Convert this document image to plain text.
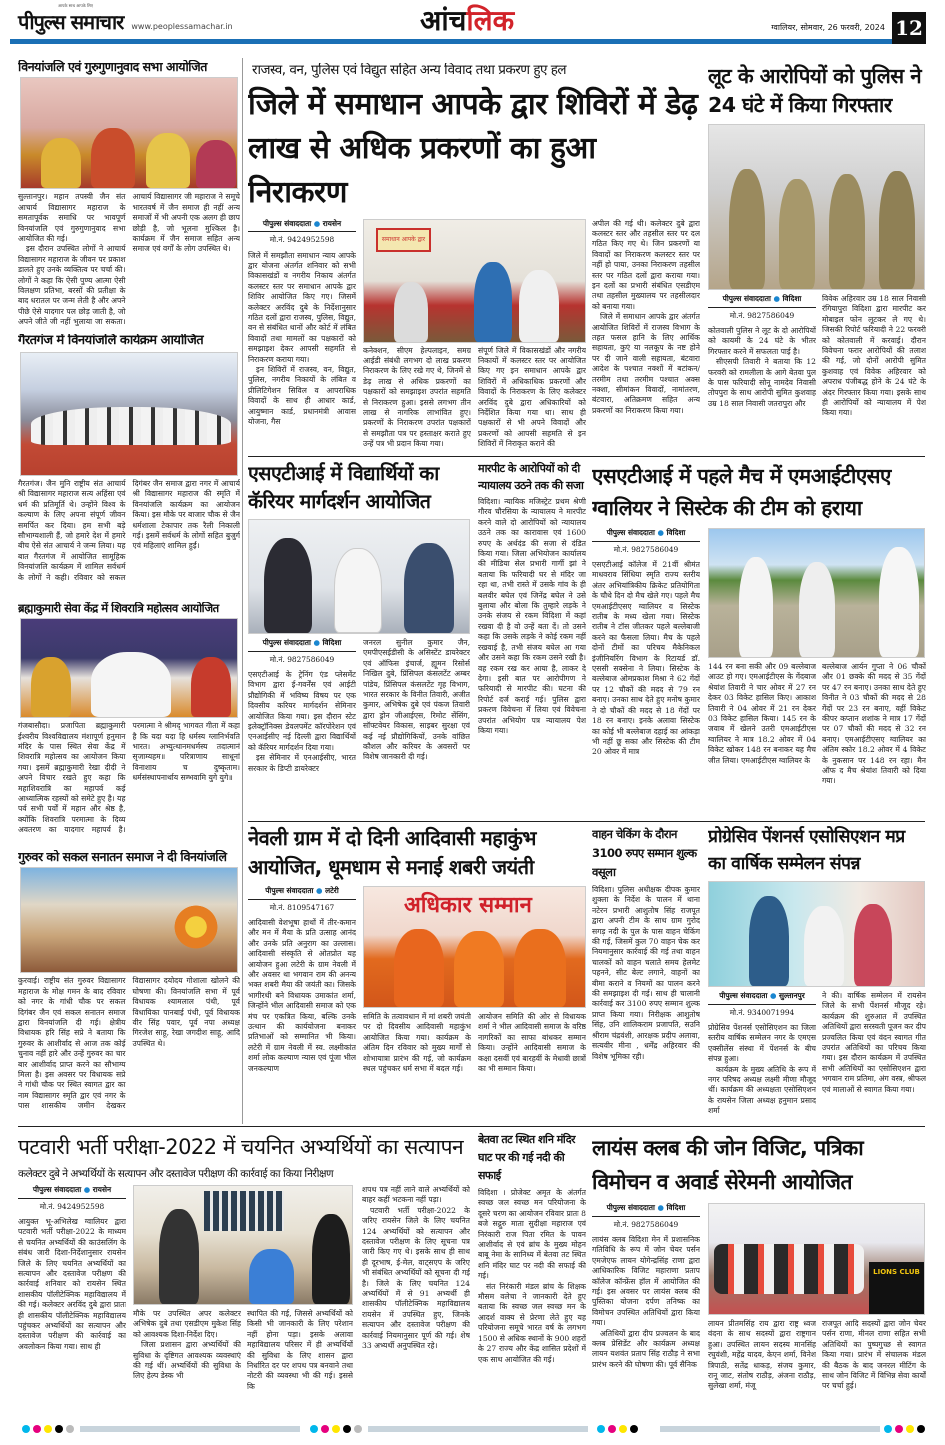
आपके साथ आपके लिए
पीपुल्स समाचार www.peoplessamachar.in	आंचलिक	ग्वालियर, सोमवार, 26 फरवरी, 2024 12
विनयांजलि एवं गुरुगुणानुवाद सभा आयोजित

सुल्तानपुर। महान तपस्वी जैन संत आचार्य विद्यासागर महाराज के समतापूर्वक समाधि पर भावपूर्ण विनयांजलि एवं गुरुगुणानुवाद सभा आयोजित की गई।

इस दौरान उपस्थित लोगों ने आचार्य विद्यासागर महाराज के जीवन पर प्रकाश डालते हुए उनके व्यक्तित्व पर चर्चा की। लोगों ने कहा कि ऐसी पुण्य आत्मा ऐसी विलक्षण प्रतिभा, बरसों की प्रतीक्षा के बाद धरातल पर जन्म लेती है और अपने पीछे ऐसे यादगार पल छोड़ जाती है, जो अपने जीते जी नहीं भुलाया जा सकता। आचार्य विद्यासागर जी महाराज ने समूचे भारतवर्ष में जैन समाज ही नहीं अन्य समाजों में भी अपनी एक अलग ही छाप छोड़ी है, जो भूलना मुश्किल है। कार्यक्रम में जैन समाज सहित अन्य समाज एवं वर्गों के लोग उपस्थित थे।

गैरतगंज में विनयांजलि कार्यक्रम आयोजित

गैरतगंज। जैन मुनि राष्ट्रीय संत आचार्य श्री विद्यासागर महाराज सत्य अहिंसा एवं धर्म की प्रतिमूर्ति थे। उन्होंने विश्व के कल्याण के लिए अपना संपूर्ण जीवन समर्पित कर दिया। हम सभी बड़े सौभाग्यशाली हैं, जो हमारे देश में हमारे बीच ऐसे संत आचार्य ने जन्म लिया। यह बात गैरतगंज में आयोजित सामूहिक विनयांजलि कार्यक्रम में शामिल सर्वधर्म के लोगों ने कही। रविवार को सकल दिगंबर जैन समाज द्वारा नगर में आचार्य श्री विद्यासागर महाराज की स्मृति में विनयांजलि कार्यक्रम का आयोजन किया। इस मौके पर बाजार चौक से जैन धर्मशाला टेकापार तक रैली निकाली गई। इसमें सर्वधर्म के लोगों सहित बुजुर्ग एवं महिलाएं शामिल हुईं।

ब्रह्माकुमारी सेवा केंद्र में शिवरात्रि महोत्सव आयोजित

गंजबासौदा। प्रजापिता ब्रह्माकुमारी ईश्वरीय विश्वविद्यालय मंशापूर्ण हनुमान मंदिर के पास स्थित सेवा केंद्र में शिवरात्रि महोत्सव का आयोजन किया गया। इसमें ब्रह्माकुमारी रेखा दीदी ने अपने विचार रखते हुए कहा कि महाशिवरात्रि का महापर्व कई आध्यात्मिक रहस्यों को समेटे हुए है। यह पर्व सभी पर्वों में महान और श्रेष्ठ है, क्योंकि शिवरात्रि परमात्मा के दिव्य अवतरण का यादगार महापर्व है। परमात्मा ने श्रीमद् भागवत गीता में कहा है कि यदा यदा हि धर्मस्य ग्लानिर्भवति भारत। अभ्युत्थानमधर्मस्य तदात्मानं सृजाम्यहम॥ परित्राणाय साधूनां विनाशाय च दुष्कृताम। धर्मसंस्थापनार्थाय सम्भवामि युगे युगे॥

गुरुवर को सकल सनातन समाज ने दी विनयांजलि

कुरवाई। राष्ट्रीय संत गुरुवर विद्यासागर महाराज के मोक्ष गमन के बाद रविवार को नगर के गांधी चौक पर सकल दिगंबर जैन एवं सकल सनातन समाज द्वारा विनयांजलि दी गई। क्षेत्रीय विधायक हरि सिंह सप्रे ने बताया कि गुरुवर के आशीर्वाद से आज तक कोई चुनाव नहीं हारे और उन्हें गुरुवर का चार बार आशीर्वाद प्राप्त करने का सौभाग्य मिला है। इस अवसर पर विधायक सप्रे ने गांधी चौक पर स्थित स्वागत द्वार का नाम विद्यासागर स्मृति द्वार एवं नगर के पास शासकीय जमीन देखकर विद्यासागर दयोदय गोशाला खोलने की घोषणा की। विनयांजलि सभा में पूर्व विधायक श्यामलाल पंथी, पूर्व विधायिका पानबाई पंथी, पूर्व विधायक वीर सिंह पवार, पूर्व नपा अध्यक्ष गिरजेश साहू, रेखा जगदीश साहू, आदि उपस्थित थे।

राजस्व, वन, पुलिस एवं विद्युत सहित अन्य विवाद तथा प्रकरण हुए हल
जिले में समाधान आपके द्वार शिविरों में डेढ़ लाख से अधिक प्रकरणों का हुआ निराकरण
पीपुल्स संवाददाता ● रायसेन
मो.नं. 9424952598

जिले में समझौता समाधान न्याय आपके द्वार योजना अंतर्गत शनिवार को सभी विकासखंडों व नगरीय निकाय अंतर्गत कलस्टर स्तर पर समाधान आपके द्वार शिविर आयोजित किए गए। जिसमें कलेक्टर अरविंद दुबे के निर्देशानुसार गठित दलों द्वारा राजस्व, पुलिस, विद्युत, वन से संबंधित थानों और कोर्ट में लंबित विवादों तथा मामलों का पक्षकारों को समझाइश देकर आपसी सहमति से निराकरण कराया गया।

इन शिविरों में राजस्व, वन, विद्युत, पुलिस, नगरीय निकायों के लंबित व प्रीलिटिगेशन सिविल व आपराधिक विवादों के साथ ही आधार कार्ड, आयुष्मान कार्ड, प्रधानमंत्री आवास योजना, गैस

समाधान आपके द्वार

कनेक्शन, सीएम हेल्पलाइन, समग्र आईडी संबंधी लगभग दो लाख प्रकरण निराकरण के लिए रखे गए थे, जिनमें से डेढ़ लाख से अधिक प्रकरणों का पक्षकारों को समझाइश उपरांत सहमति से निराकरण हुआ। इससे लगभग तीन लाख से नागरिक लाभांवित हुए। प्रकरणों के निराकरण उपरांत पक्षकारों से समझौता पत्र पर हस्ताक्षर कराते हुए उन्हें पत्र भी प्रदान किया गया।

संपूर्ण जिले में विकासखंडों और नगरीय निकायों में कलस्टर स्तर पर आयोजित किए गए इन समाधान आपके द्वार शिविरों में अधिकाधिक प्रकरणों और विवादों के निराकरण के लिए कलेक्टर अरविंद दुबे द्वारा अधिकारियों को निर्देशित किया गया था। साथ ही पक्षकारों से भी अपने विवादों और प्रकरणों को आपसी सहमति से इन शिविरों में निराकृत कराने की

अपील की गई थी। कलेक्टर दुबे द्वारा कलस्टर स्तर और तहसील स्तर पर दल गठित किए गए थे। जिन प्रकरणों या विवादों का निराकरण कलस्टर स्तर पर नहीं हो पाया, उनका निराकरण तहसील स्तर पर गठित दलों द्वारा कराया गया। इन दलों का प्रभारी संबंधित एसडीएम तथा तहसील मुख्यालय पर तहसीलदार को बनाया गया।

जिले में समाधान आपके द्वार अंतर्गत आयोजित शिविरों में राजस्व विभाग के तहत फसल हानि के लिए आर्थिक सहायता, कुएं या नलकूप के नष्ट होने पर दी जाने वाली सहायता, बंटवारा आदेश के पश्चात नक्शों में बटांकन/तरमीम तथा तरमीम पश्चात अक्स नक्शा, सीमांकन विवादों, नामांतरण, बंटवारा, अतिक्रमण सहित अन्य प्रकरणों का निराकरण किया गया।

लूट के आरोपियों को पुलिस ने 24 घंटे में किया गिरफ्तार
पीपुल्स संवाददाता ● विदिशा
मो.नं. 9827586049

कोतवाली पुलिस ने लूट के दो आरोपियों को कायमी के 24 घंटे के भीतर गिरफ्तार करने में सफलता पाई है।

सीएसपी तिवारी ने बताया कि 12 फरवरी को रामलीला के आगे बेतवा पुल के पास फरियादी सोनू नामदेव निवासी तोपपुरा के साथ आरोपी सुमित कुशवाह उम्र 18 साल निवासी जतरापुरा और

विवेक अहिरवार उम्र 18 साल निवासी रंगियापुरा विदिशा द्वारा मारपीट कर मोबाइल फोन लूटकर ले गए थे। जिसकी रिपोर्ट फरियादी ने 22 फरवरी को कोतवाली में करवाई। दौरान विवेचना फरार आरोपियों की तलाश की गई, जो दोनों आरोपी सुमित कुशवाह एवं विवेक अहिरवार को अपराध पंजीबद्ध होने के 24 घंटे के अंदर गिरफ्तार किया गया। इसके साथ ही आरोपियों को न्यायालय में पेश किया गया।

एसएटीआई में विद्यार्थियों का कॅरियर मार्गदर्शन आयोजित
पीपुल्स संवाददाता ● विदिशा
मो.नं. 9827586049

एसएटीआई के ट्रेनिंग एंड प्लेसमेंट विभाग द्वारा ई-गवर्नेंस एवं आईटी प्रौद्योगिकी में भविष्य विषय पर एक दिवसीय करियर मार्गदर्शन सेमिनार आयोजित किया गया। इस दौरान स्टेट इलेक्ट्रॉनिक्स डेवलपमेंट कॉरपोरेशन एवं एनआईसीए नई दिल्ली द्वारा विद्यार्थियों को कॅरियर मार्गदर्शन दिया गया।

इस सेमिनार में एनआईसीए, भारत सरकार के डिप्टी डायरेक्टर

जनरल सुनील कुमार जैन, एमपीएसईडीसी के असिस्टेंट डायरेक्टर एवं ऑफिस इंचार्ज, ह्यूमन रिसोर्स निखिल दुबे, प्रिंसिपल कंसलटेंट अम्बर पांडेय, प्रिंसिपल कंसलटेंट गृह विभाग, भारत सरकार के विनीत तिवारी, अजीत कुमार, अभिषेक दुबे एवं पंकज तिवारी द्वारा ड्रोन जीआईएस, रिमोट सेंसिंग, सॉफ्टवेयर विकास, साइबर सुरक्षा एवं कई नई प्रौद्योगिकियों, उनके वांछित कौशल और करियर के अवसरों पर विशेष जानकारी दी गई।

मारपीट के आरोपियों को दी न्यायालय उठने तक की सजा

विदिशा। न्यायिक मजिस्ट्रेट प्रथम श्रेणी गौरव चौरसिया के न्यायालय ने मारपीट करने वाले दो आरोपियों को न्यायालय उठने तक का कारावास एवं 1600 रुपए के अर्थदंड की सजा से दंडित किया गया। जिला अभियोजन कार्यालय की मीडिया सेल प्रभारी गार्गी झां ने बताया कि फरियादी घर से मंदिर जा रहा था, तभी रास्ते में उसके गांव के ही बलवीर बघेल एवं जिनेंद्र बघेल ने उसे बुलाया और बोला कि तुम्हारे लड़के ने उनके संजय से रकम विदिशा में कहां रखवा दी है वो उन्हें बता दें। तो उसने कहा कि उसके लड़के ने कोई रकम नहीं रखवाई है, तभी संजय बघेल आ गया और उसने कहा कि रकम उसने रखी है। वह रकम रख कर आया है, लाकर दे देगा। इसी बात पर आरोपीगण ने फरियादी से मारपीट की। घटना की रिपोर्ट दर्ज कराई गई। पुलिस द्वारा प्रकरण विवेचना में लिया एवं विवेचना उपरांत अभियोग पत्र न्यायालय पेश किया गया।

एसएटीआई में पहले मैच में एमआईटीएसए ग्वालियर ने सिस्टेक की टीम को हराया
पीपुल्स संवाददाता ● विदिशा
मो.नं. 9827586049

एसएटीआई कॉलेज में 21वीं श्रीमंत माधवराव सिंधिया स्मृति राज्य स्तरीय अंतर अभियांत्रिकीय क्रिकेट प्रतियोगिता के चौथे दिन दो मैच खेले गए। पहले मैच एमआईटीएसए ग्वालियर व सिस्टेक रातीब के मध्य खेला गया। सिस्टेक रातीब ने टॉस जीतकर पहले बल्लेबाजी करने का फैसला लिया। मैच के पहले दोनों टीमों का परिचय मैकेनिकल इंजीनियरिंग विभाग के रिटायर्ड डॉ. एससी सक्सेना ने लिया। सिस्टेक के बल्लेबाज ओमप्रकाश मिश्रा ने 62 गेंदों पर 12 चौकों की मदद से 79 रन बनाए। उनका साथ देते हुए मनोष कुमार ने दो चौकों की मदद से 18 गेंदों पर 18 रन बनाए। इनके अलावा सिस्टेक का कोई भी बल्लेबाज दहाई का आंकड़ा भी नहीं छू सका और सिस्टेक की टीम 20 ओवर में मात्र

144 रन बना सकी और 09 बल्लेबाज आउट हो गए। एमआईटीएस के गेंदबाज श्रेयांश तिवारी ने चार ओवर में 27 रन देकर 03 विकेट हासिल किए। आकाश तिवारी ने 04 ओवर में 21 रन देकर 03 विकेट हासिल किया। 145 रन के जवाब में खेलने उतरी एमआईटीएस ग्वालियर ने मात्र 18.2 ओवर में 04 विकेट खोकर 148 रन बनाकर यह मैच जीत लिया। एमआईटीएस ग्वालियर के

बल्लेबाज आर्यन गुप्ता ने 06 चौकों और 01 छक्के की मदद से 35 गेंदों पर 47 रन बनाए। उनका साथ देते हुए विनीत ने 03 चौकों की मदद से 28 गेंदों पर 23 रन बनाए, वहीं विकेट कीपर कप्तान शशांक ने मात्र 17 गेंदों पर 07 चौकों की मदद से 32 रन बनाए। एमआईटीएसए ग्वालियर का अंतिम स्कोर 18.2 ओवर में 4 विकेट के नुकसान पर 148 रन रहा। मैन ऑफ द मैच श्रेयांश तिवारी को दिया गया।

नेवली ग्राम में दो दिनी आदिवासी महाकुंभ आयोजित, धूमधाम से मनाई शबरी जयंती
पीपुल्स संवाददाता ● लटेरी
मो.नं. 8109547167

आदिवासी वेशभूषा हाथों में तीर-कमान और मन में मैया के प्रति उत्साह आनंद और उनके प्रति अनुराग का उल्लास। आदिवासी संस्कृति से ओतप्रोत यह आयोजन हुआ लटेरी के ग्राम नेवली में और अवसर था भगवान राम की अनन्य भक्त शबरी मैया की जयंती का। जिसके भागीरथी बने विधायक उमाकांत शर्मा, जिन्होंने भील आदिवासी समाज को एक मंच पर एकत्रित किया, बल्कि उनके उत्थान की कार्ययोजना बनाकर प्रतिभाओं को सम्मानित भी किया। लटेरी में ग्राम नेवली में स्व. लक्ष्मीकांत शर्मा लोक कल्याण न्यास एवं पूंजा भील जनकल्याण

अधिकार सम्मान

समिति के तत्वावधान में मां शबरी जयंती पर दो दिवसीय आदिवासी महाकुंभ आयोजित किया गया। कार्यक्रम के अंतिम दिन रविवार को मुख्य मार्गों से शोभायात्रा प्रारंभ की गई, जो कार्यक्रम स्थल पहुंचकर धर्म सभा में बदल गई।

आयोजन समिति की ओर से विधायक शर्मा ने भील आदिवासी समाज के वरिष्ठ नागरिकों का साफा बांधकर सम्मान किया। उन्होंने आदिवासी समाज के कक्षा दसवीं एवं बारहवीं के मेधावी छात्रों का भी सम्मान किया।

वाहन चेकिंग के दौरान 3100 रुपए सम्मान शुल्क वसूला

विदिशा। पुलिस अधीक्षक दीपक कुमार शुक्ला के निर्देश के पालन में थाना नटेरन प्रभारी आशुतोष सिंह राजपूत द्वारा अपनी टीम के साथ ग्राम गुरोद सगड़ नदी के पुल के पास वाहन चेकिंग की गई, जिसमें कुल 70 वाहन चेक कर नियमानुसार कार्रवाई की गई तथा वाहन चालकों को वाहन चलाते समय हेलमेट पहनने, सीट बेल्ट लगाने, वाहनों का बीमा कराने व नियमों का पालन करने की समझाइश दी गई। साथ ही चालानी कार्रवाई कर 3100 रुपए सम्मान शुल्क प्राप्त किया गया। निरीक्षक आशुतोष सिंह, उनि शालिकराम प्रजापति, सउनि श्रीराम चंद्रवंशी, आरक्षक प्रदीप अलावा, सत्यवीर मीना , धर्मेंद्र अहिरवार की विशेष भूमिका रही।

प्रोग्रेसिव पेंशनर्स एसोसिएशन मप्र का वार्षिक सम्मेलन संपन्न
पीपुल्स संवाददाता ● सुल्तानपुर
मो.नं. 9340071994

प्रोग्रेसिव पेंशनर्स एसोसिएशन का जिला स्तरीय वार्षिक सम्मेलन नगर के एमएस एक्सीलेंस संस्था में पेंशनर्स के बीच संपन्न हुआ।

कार्यक्रम के मुख्य अतिथि के रूप में नगर परिषद अध्यक्ष लक्ष्मी मीणा मौजूद थीं। कार्यक्रम की अध्यक्षता एसोसिएशन के रायसेन जिला अध्यक्ष हनुमान प्रसाद शर्मा

ने की। वार्षिक सम्मेलन में रायसेन जिले के सभी पेंशनर्स मौजूद रहे। कार्यक्रम की शुरुआत में उपस्थित अतिथियों द्वारा सरस्वती पूजन कर दीप प्रज्वलित किया एवं वंदन स्वागत गीत उपरांत अतिथियों का परिचय किया गया। इस दौरान कार्यक्रम में उपस्थित सभी अतिथियों का एसोसिएशन द्वारा भगवान राम प्रतिमा, अंग वस्त्र, श्रीफल एवं मालाओं से स्वागत किया गया।

पटवारी भर्ती परीक्षा-2022 में चयनित अभ्यर्थियों का सत्यापन
कलेक्टर दुबे ने अभ्यर्थियों के सत्यापन और दस्तावेज परीक्षण की कार्रवाई का किया निरीक्षण
पीपुल्स संवाददाता ● रायसेन
मो.नं. 9424952598

आयुक्त भू-अभिलेख ग्वालियर द्वारा पटवारी भर्ती परीक्षा-2022 के माध्यम से चयनित अभ्यर्थियों की काउंसलिंग के संबंध जारी दिशा-निर्देशानुसार रायसेन जिले के लिए चयनित अभ्यर्थियों का सत्यापन और दस्तावेज परीक्षण की कार्रवाई शनिवार को रायसेन स्थित शासकीय पॉलीटेक्निक महाविद्यालय में की गई। कलेक्टर अरविंद दुबे द्वारा प्रातः ही शासकीय पॉलीटेक्निक महाविद्यालय पहुंचकर अभ्यर्थियों का सत्यापन और दस्तावेज परीक्षण की कार्रवाई का अवलोकन किया गया। साथ ही

मौके पर उपस्थित अपर कलेक्टर अभिषेक दुबे तथा एसडीएम मुकेश सिंह को आवश्यक दिशा-निर्देश दिए।

जिला प्रशासन द्वारा अभ्यर्थियों की सुविधा के दृष्टिगत आवश्यक व्यवस्थाएं की गई थीं। अभ्यर्थियों की सुविधा के लिए हेल्प डेस्क भी

स्थापित की गई, जिससे अभ्यर्थियों को किसी भी जानकारी के लिए परेशान नहीं होना पड़ा। इसके अलावा महाविद्यालय परिसर में ही अभ्यर्थियों की सुविधा के लिए शासन द्वारा निर्धारित दर पर शपथ पत्र बनवाने तथा नोटरी की व्यवस्था भी की गई। इससे कि

शपथ पत्र नहीं लाने वाले अभ्यर्थियों को बाहर कहीं भटकना नहीं पड़ा।

पटवारी भर्ती परीक्षा-2022 के जरिए रायसेन जिले के लिए चयनित 124 अभ्यर्थियों को सत्यापन और दस्तावेज परीक्षण के लिए सूचना पत्र जारी किए गए थे। इसके साथ ही साथ ही दूरभाष, ई-मेल, वाट्सएप के जरिए भी संबंधित अभ्यर्थियों को सूचना दी गई है। जिले के लिए चयनित 124 अभ्यर्थियों में से 91 अभ्यर्थी ही शासकीय पॉलीटेक्निक महाविद्यालय रायसेन में उपस्थित हुए, जिनके सत्यापन और दस्तावेज परीक्षण की कार्रवाई नियमानुसार पूर्ण की गई। शेष 33 अभ्यर्थी अनुपस्थित रहे।

बेतवा तट स्थित शनि मंदिर घाट पर की गई नदी की सफाई

विदिशा । प्रोजेक्ट अमृत के अंतर्गत स्वच्छ जल स्वच्छ मन परियोजना के दूसरे चरण का आयोजन रविवार प्रातः 8 बजे सद्गुरु माता सुदीक्षा महाराज एवं निरंकारी राज पिता रमित के पावन आशीर्वाद से एवं ब्रांच के मुख्य मोहन बाबू नेमा के सानिध्य में बेतवा तट स्थित शनि मंदिर घाट पर नदी की सफाई की गई।

संत निरंकारी मंडल ब्रांच के शिक्षक मौसम वलेचा ने जानकारी देते हुए बताया कि स्वच्छ जल स्वच्छ मन के आदर्श वाक्य से प्रेरणा लेते हुए यह परियोजना समूचे भारत वर्ष के लगभग 1500 से अधिक स्थानों के 900 शहरों के 27 राज्य और केंद्र शासित प्रदेशों में एक साथ आयोजित की गई।

लायंस क्लब की जोन विजिट, पत्रिका विमोचन व अवार्ड सेरेमनी आयोजित
पीपुल्स संवाददाता ● विदिशा
मो.नं. 9827586049

लायंस क्लब विदिशा मेन में प्रशासनिक गतिविधि के रूप में जोन चेयर पर्सन एमजेएफ लायन योगेन्द्रसिंह राणा द्वारा आधिकारिक विजिट महाराणा प्रताप कॉलेज कॉन्फ्रेंस हॉल में आयोजित की गई। इस अवसर पर लायंस क्लब की पुस्तिका योजना दर्पण तनिष्क का विमोचन उपस्थित अतिथियों द्वारा किया गया।

अतिथियों द्वारा दीप प्रज्वलन के बाद क्लब प्रेसिडेंट और कार्यक्रम अध्यक्ष लायन यशवंत प्रताप सिंह राठौड़ ने सभा प्रारंभ करने की घोषणा की। पूर्व सैनिक

LIONS CLUB

लायन प्रीतमसिंह राय द्वारा राष्ट्र ध्वज वंदना के साथ सदस्यों द्वारा राष्ट्रगान हुआ। उपस्थित लायन सदस्य मानसिंह रघुवंशी, महेंद्र यादव, केएन शर्मा, विनेश त्रिपाठी, सतेंद्र धाकड़, संजय कुमार, रानू जाट, संतोष राठौड़, अंजना राठौड़, सुलेखा शर्मा, मंजू

राजपूत आदि सदस्यों द्वारा जोन चेयर पर्सन राणा, मीनल राणा सहित सभी अतिथियों का पुष्पगुच्छ से स्वागत किया गया। प्रारंभ में संचालक मंडल की बैठक के बाद जनरल मीटिंग के साथ जोन विजिट में विभिन्न सेवा कार्यों पर चर्चा हुई।
